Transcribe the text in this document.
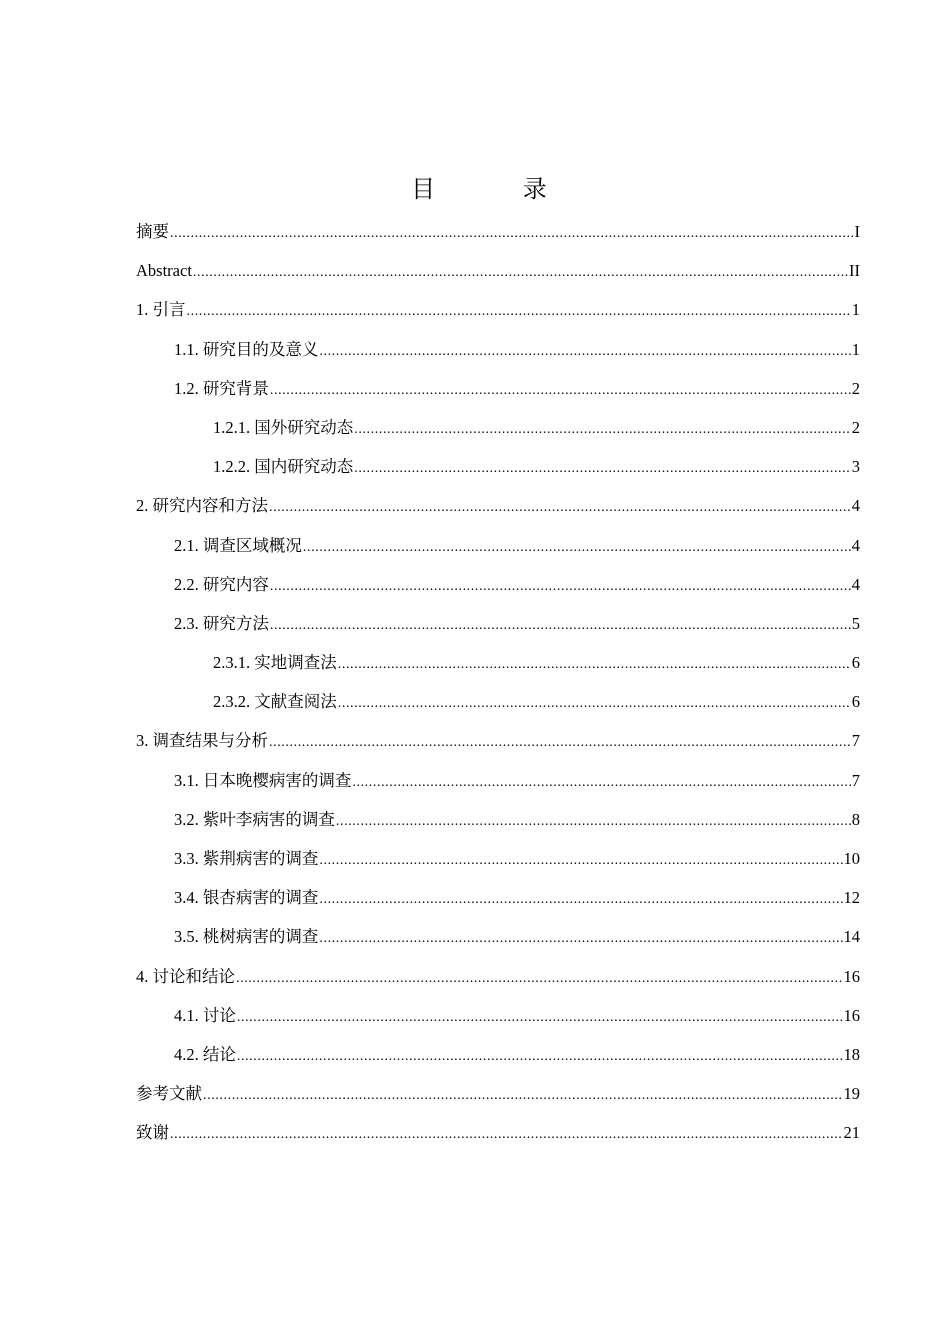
目 录
摘要 .....	I
Abstract .....	II
1. 引言 .....	1
1.1. 研究目的及意义 .....	1
1.2. 研究背景 .....	2
1.2.1. 国外研究动态 .....	2
1.2.2. 国内研究动态 .....	3
2. 研究内容和方法 .....	4
2.1. 调查区域概况 .....	4
2.2. 研究内容 .....	4
2.3. 研究方法 .....	5
2.3.1. 实地调查法 .....	6
2.3.2. 文献查阅法 .....	6
3. 调查结果与分析 .....	7
3.1. 日本晚樱病害的调查 .....	7
3.2. 紫叶李病害的调查 .....	8
3.3. 紫荆病害的调查 .....	10
3.4. 银杏病害的调查 .....	12
3.5. 桃树病害的调查 .....	14
4. 讨论和结论 .....	16
4.1. 讨论 .....	16
4.2. 结论 .....	18
参考文献 .....	19
致谢 .....	21
